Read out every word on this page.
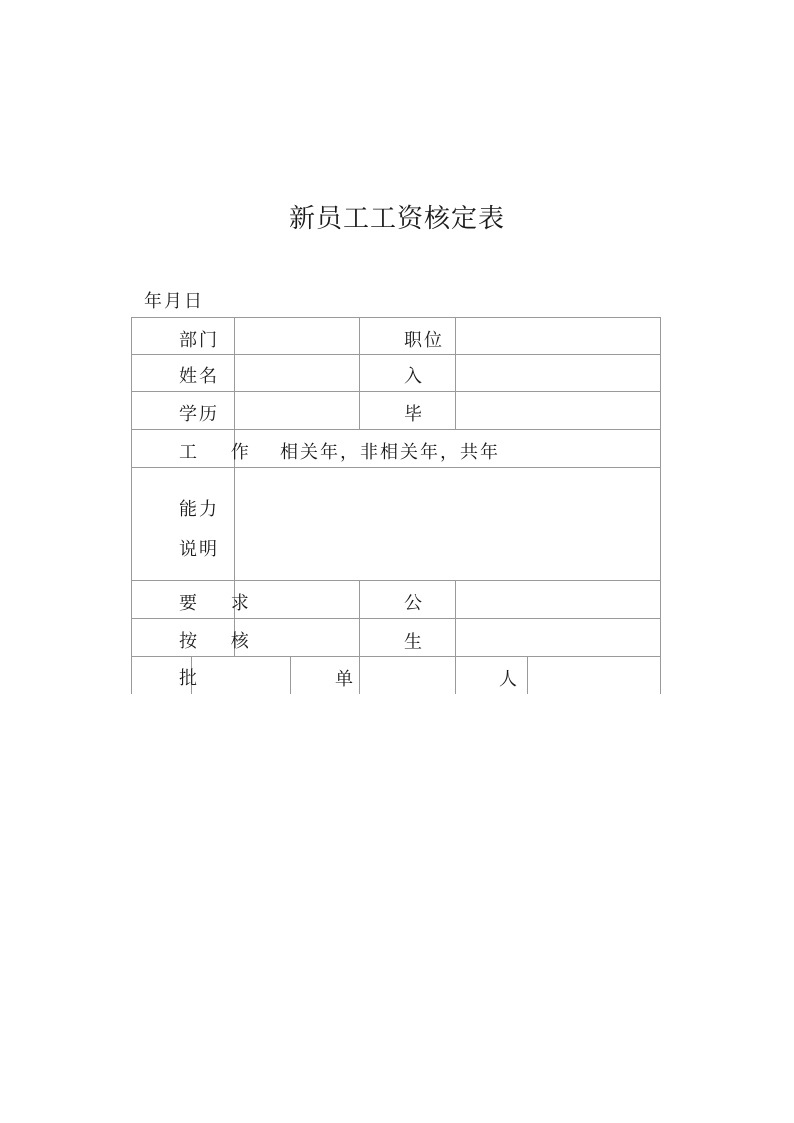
新员工工资核定表
年月日
部门	职位
姓名	入
学历	毕
工 作 相关年，非相关年，共年
能力
说明
要 求	公
按 核	生
批	单	人
